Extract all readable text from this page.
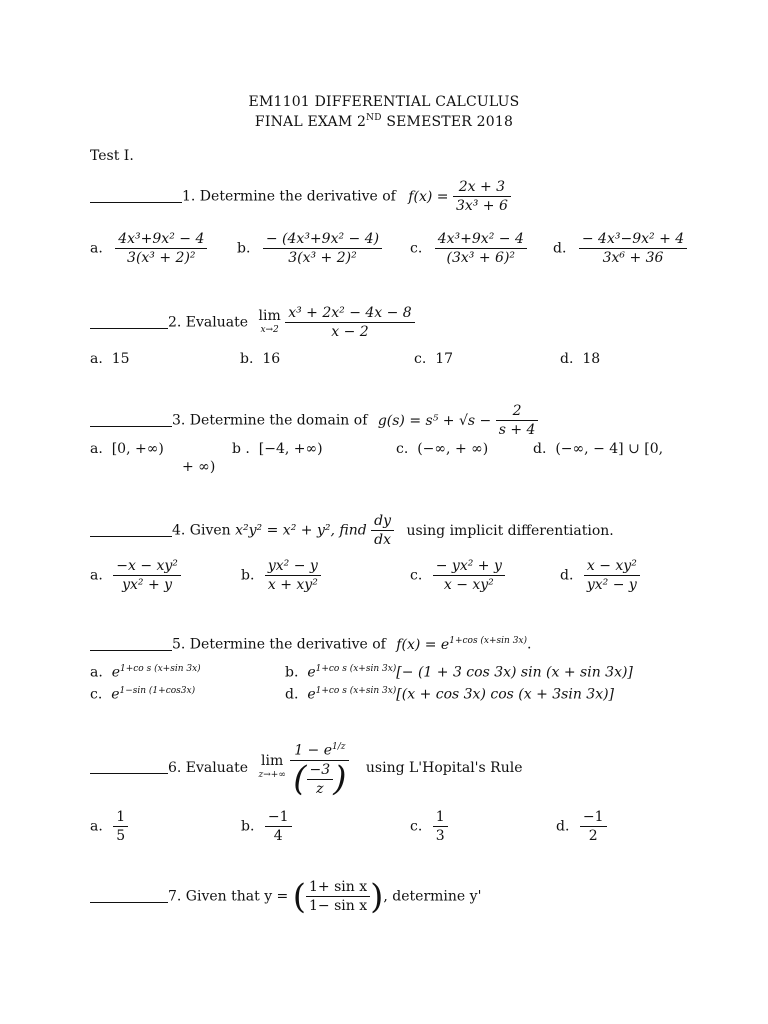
EM1101 DIFFERENTIAL CALCULUS
FINAL EXAM 2ND SEMESTER 2018
Test I.
1. Determine the derivative of $f(x) = \frac{2x + 3}{\text{3x³ + 6}}$
a. $\frac{\text{4x³+9x² − 4}}{\text{3(x³ + 2)²}} b$. $\frac{\text{− (4x³+9x² − 4)}}{\text{3(x³ + 2)²}} c$. $\frac{\text{4x³+9x² − 4}}{\text{(3x³ + 6)²}} d$. $\frac{\text{− 4x³−9x² + 4}}{\text{3x⁶ + 36}}$
2. Evaluate lim
$x\to 2 \frac{\text{x³ + 2x² − 4x − 8}}{x - 2}$
a. 15	b. 16	c. 17	d. 18
3. Determine the domain of $g(s) = s^5 + √s - \frac{2}{s + 4}$
a. [0, +∞)	b . [−4, +∞)	c. (−∞, + ∞)	d. (−∞, − 4] ∪ [0,
+ ∞)
4. Given x²y² = x² + y², find $\frac{dy}{dx}$ using implicit differentiation.
a. $\frac{\text{−x − xy²}}{\text{yx² + y}}$	b. $\frac{\text{yx² − y}}{\text{x + xy²}}$	c. $\frac{\text{− yx² + y}}{\text{x − xy²}}$	d. $\frac{\text{x − xy²}}{\text{yx² − y}}$
5. Determine the derivative of $f(x) = e^{1+cos (x+sin 3x)}$.
a. $e^{1+co s (x+sin 3x)}$	b. $e^{1+co s (x+sin 3x)}[- (1 + 3$ cos 3x) sin (x + sin 3x)]
c. $e^{1-sin (1+cos3x)}$	d. $e^{1+co s (x+sin 3x)}[(x + \cos 3x)$ cos (x + 3sin 3x)]
6. Evaluate lim
$z\to+\infty \frac{1 - e^{1/z}}{( \frac{-3}{z} )}$ using L'Hopital's Rule
a. $\frac{1}{5}$	b. $\frac{-1}{4}$	c. $\frac{1}{3}$	d. $\frac{-1}{2}$
7. Given that y = ( $\frac{\text{1+ sin x}}{\text{1− sin x}}$ ), determine y'
